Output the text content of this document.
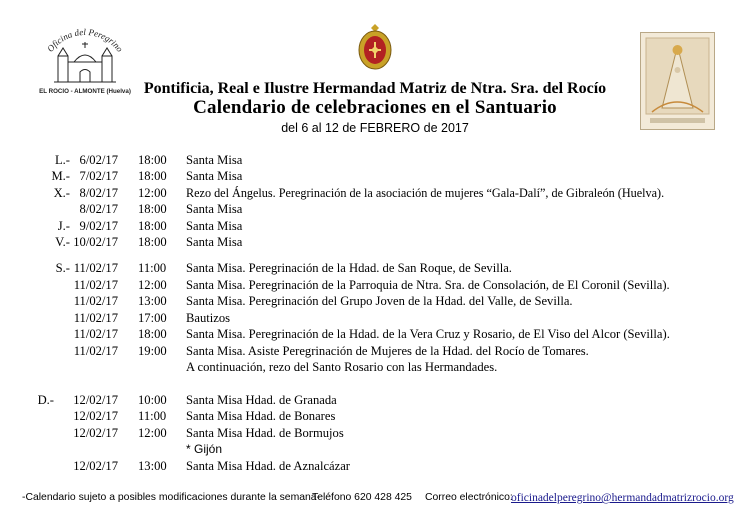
Oficina del Peregrino
EL ROCIO - ALMONTE (Huelva) Pontificia, Real e Ilustre Hermandad Matriz de Ntra. Sra. del Rocío
Calendario de celebraciones en el Santuario
del 6 al 12 de FEBRERO de 2017
L.- 6/02/17 18:00	Santa Misa
M.- 7/02/17 18:00	Santa Misa
X.- 8/02/17 12:00	Rezo del Ángelus. Peregrinación de la asociación de mujeres “Gala-Dalí”, de Gibraleón (Huelva).
8/02/17 18:00	Santa Misa
J.- 9/02/17 18:00	Santa Misa
V.- 10/02/17 18:00	Santa Misa
S.- 11/02/17 11:00	Santa Misa. Peregrinación de la Hdad. de San Roque, de Sevilla.
11/02/17 12:00	Santa Misa. Peregrinación de la Parroquia de Ntra. Sra. de Consolación, de El Coronil (Sevilla).
11/02/17 13:00	Santa Misa. Peregrinación del Grupo Joven de la Hdad. del Valle, de Sevilla.
11/02/17 17:00	Bautizos
11/02/17 18:00	Santa Misa. Peregrinación de la Hdad. de la Vera Cruz y Rosario, de El Viso del Alcor (Sevilla).
11/02/17 19:00	Santa Misa. Asiste Peregrinación de Mujeres de la Hdad. del Rocío de Tomares.
A continuación, rezo del Santo Rosario con las Hermandades.
D.-	12/02/17 10:00	Santa Misa Hdad. de Granada
12/02/17 11:00	Santa Misa Hdad. de Bonares
12/02/17 12:00	Santa Misa Hdad. de Bormujos
* Gijón
12/02/17 13:00	Santa Misa Hdad. de Aznalcázar
-Calendario sujeto a posibles modificaciones durante la semana-
Teléfono 620 428 425 Correo electrónico:
oficinadelperegrino@hermandadmatrizrocio.org
